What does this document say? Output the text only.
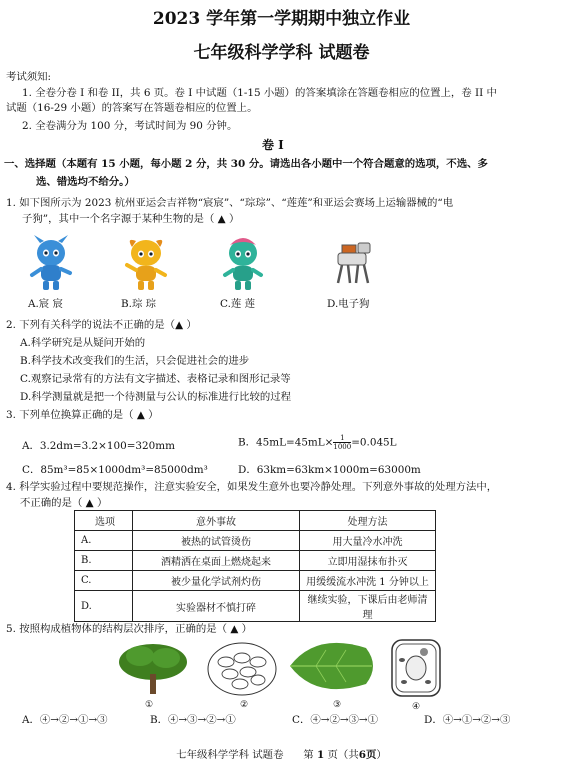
2023 学年第一学期期中独立作业
七年级科学学科 试题卷
考试须知:
1. 全卷分卷 I 和卷 II，共 6 页。卷 I 中试题（1-15 小题）的答案填涂在答题卷相应的位置上，卷 II 中
试题（16-29 小题）的答案写在答题卷相应的位置上。
2. 全卷满分为 100 分，考试时间为 90 分钟。
卷 I
一、选择题（本题有 15 小题，每小题 2 分，共 30 分。请选出各小题中一个符合题意的选项，不选、多
选、错选均不给分。）
1. 如下图所示为 2023 杭州亚运会吉祥物“宸宸”、“琮琮”、“莲莲”和亚运会赛场上运输器械的“电
子狗”，其中一个名字源于某种生物的是（ ▲ ）
A.宸 宸	B.琮 琮	C.莲 莲	D.电子狗
2. 下列有关科学的说法不正确的是（▲ ）
A.科学研究是从疑问开始的
B.科学技术改变我们的生活，只会促进社会的进步
C.观察记录常有的方法有文字描述、表格记录和图形记录等
D.科学测量就是把一个待测量与公认的标准进行比较的过程
3. 下列单位换算正确的是（ ▲ ）
A．3.2dm=3.2×100=320mm	B．$45mL=45mL\times \frac{1}{1000} =0.045L$
C．85m³=85×1000dm³=85000dm³	D．63km=63km×1000m=63000m
4. 科学实验过程中要规范操作，注意实验安全，如果发生意外也要冷静处理。下列意外事故的处理方法中，
不正确的是（ ▲ ）
选项	意外事故	处理方法
A.	被热的试管烫伤	用大量冷水冲洗
B.	酒精洒在桌面上燃烧起来	立即用湿抹布扑灭
C.	被少量化学试剂灼伤	用缓缓流水冲洗 1 分钟以上
D.	实验器材不慎打碎	继续实验，下课后由老师清理
5. 按照构成植物体的结构层次排序，正确的是（ ▲ ）
①	②	③	④
A．④→②→①→③	B．④→③→②→①	C．④→②→③→①	D．④→①→②→③
七年级科学学科 试题卷 第 1 页（共6页）
